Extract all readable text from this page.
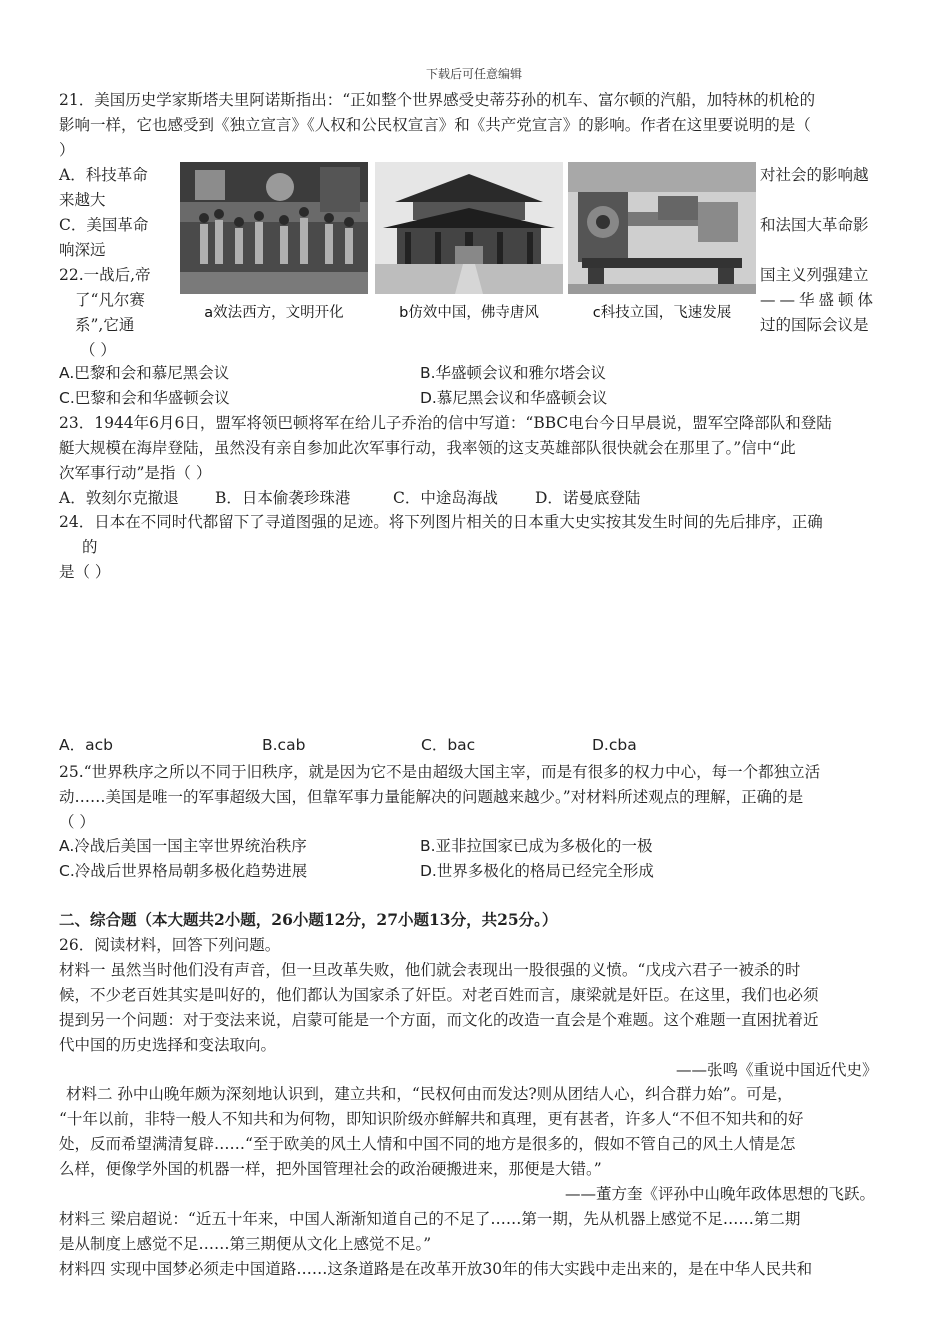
下载后可任意编辑
21．美国历史学家斯塔夫里阿诺斯指出：“正如整个世界感受史蒂芬孙的机车、富尔顿的汽船，加特林的机枪的
影响一样，它也感受到《独立宣言》《人权和公民权宣言》和《共产党宣言》的影响。作者在这里要说明的是（
）
A．科技革命
来越大
对社会的影响越
C．美国革命
响深远
和法国大革命影
22.一战后,帝	国主义列强建立
了“凡尔赛	——华盛顿体
系”,它通	过的国际会议是
（ ）
a效法西方，文明开化	b仿效中国，佛寺唐风	c科技立国，飞速发展
A.巴黎和会和慕尼黑会议	B.华盛顿会议和雅尔塔会议
C.巴黎和会和华盛顿会议	D.慕尼黑会议和华盛顿会议
23．1944年6月6日，盟军将领巴顿将军在给儿子乔治的信中写道：“BBC电台今日早晨说，盟军空降部队和登陆
艇大规模在海岸登陆，虽然没有亲自参加此次军事行动，我率领的这支英雄部队很快就会在那里了。”信中“此
次军事行动”是指（ ）
A．敦刻尔克撤退 B．日本偷袭珍珠港	C．中途岛海战 D．诺曼底登陆
24．日本在不同时代都留下了寻道图强的足迹。将下列图片相关的日本重大史实按其发生时间的先后排序，正确
的
是（ ）
A．acb	B.cab	C．bac	D.cba
25.“世界秩序之所以不同于旧秩序，就是因为它不是由超级大国主宰，而是有很多的权力中心，每一个都独立活
动……美国是唯一的军事超级大国，但靠军事力量能解决的问题越来越少。”对材料所述观点的理解，正确的是
（ ）
A.冷战后美国一国主宰世界统治秩序	B.亚非拉国家已成为多极化的一极
C.冷战后世界格局朝多极化趋势进展	D.世界多极化的格局已经完全形成
二、综合题（本大题共2小题，26小题12分，27小题13分，共25分。）
26．阅读材料，回答下列问题。
材料一 虽然当时他们没有声音，但一旦改革失败，他们就会表现出一股很强的义愤。“戊戌六君子一被杀的时
候，不少老百姓其实是叫好的，他们都认为国家杀了奸臣。对老百姓而言，康梁就是奸臣。在这里，我们也必须
提到另一个问题：对于变法来说，启蒙可能是一个方面，而文化的改造一直会是个难题。这个难题一直困扰着近
代中国的历史选择和变法取向。
——张鸣《重说中国近代史》
材料二 孙中山晚年颇为深刻地认识到，建立共和，“民权何由而发达?则从团结人心，纠合群力始”。可是，
“十年以前，非特一般人不知共和为何物，即知识阶级亦鲜解共和真理，更有甚者，许多人“不但不知共和的好
处，反而希望满清复辟……“至于欧美的风土人情和中国不同的地方是很多的，假如不管自己的风土人情是怎
么样，便像学外国的机器一样，把外国管理社会的政治硬搬进来，那便是大错。”
——董方奎《评孙中山晚年政体思想的飞跃。
材料三 梁启超说：“近五十年来，中国人渐渐知道自己的不足了……第一期，先从机器上感觉不足……第二期
是从制度上感觉不足……第三期便从文化上感觉不足。”
材料四 实现中国梦必须走中国道路……这条道路是在改革开放30年的伟大实践中走出来的，是在中华人民共和
